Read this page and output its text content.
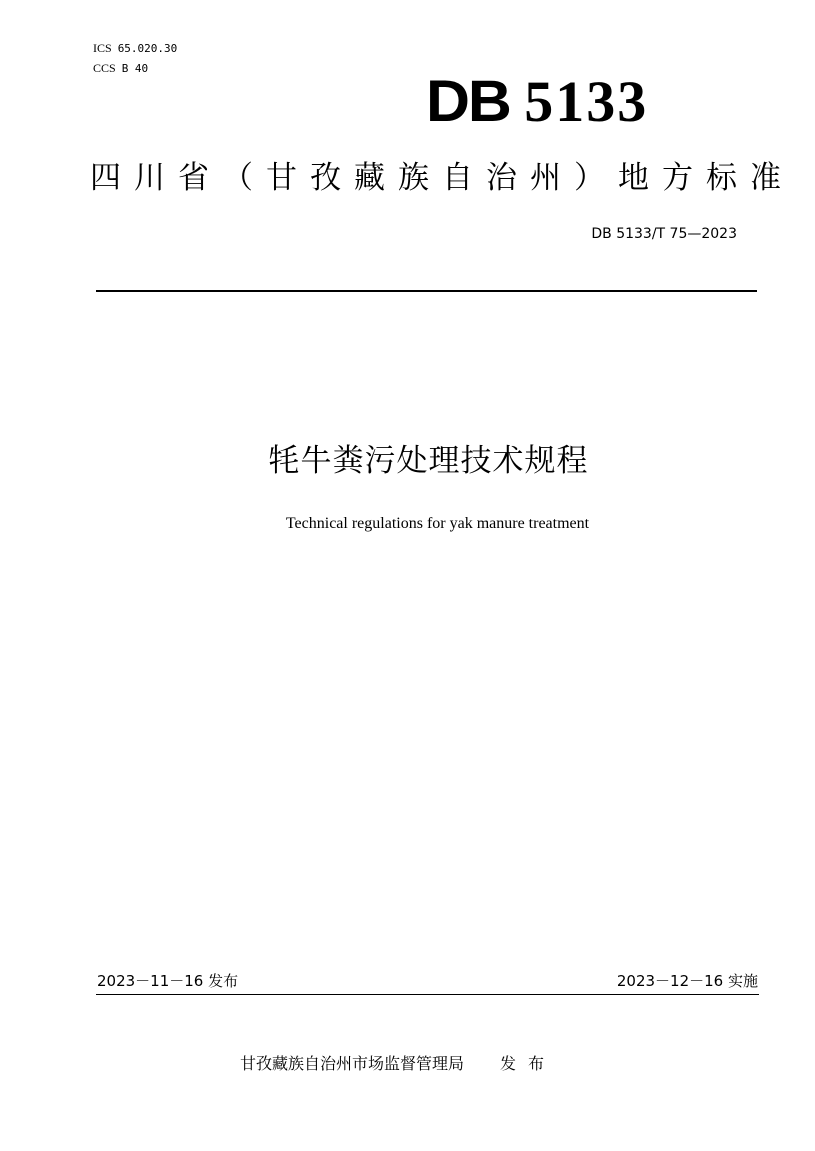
ICS 65.020.30
CCS B 40
DB 5133
四川省（甘孜藏族自治州）地方标准
DB 5133/T 75—2023
牦牛粪污处理技术规程
Technical regulations for yak manure treatment
2023－11－16 发布	2023－12－16 实施
甘孜藏族自治州市场监督管理局 发布
